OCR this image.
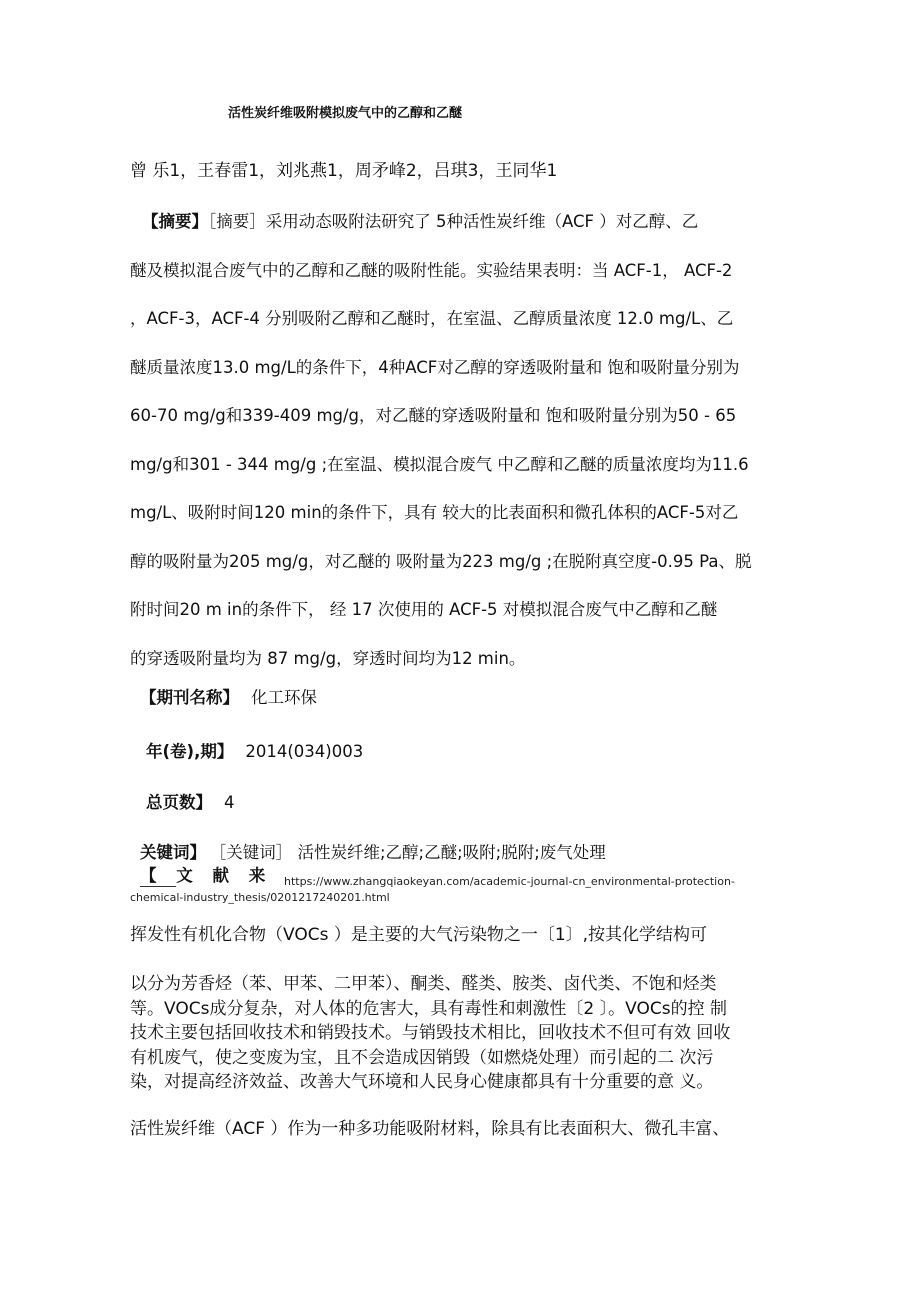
活性炭纤维吸附模拟废气中的乙醇和乙醚
曾 乐1，王春雷1，刘兆燕1，周矛峰2，吕琪3，王同华1
【摘要】［摘要］采用动态吸附法研究了 5种活性炭纤维（ACF ）对乙醇、乙
醚及模拟混合废气中的乙醇和乙醚的吸附性能。实验结果表明：当 ACF-1， ACF-2
，ACF-3，ACF-4 分别吸附乙醇和乙醚时，在室温、乙醇质量浓度 12.0 mg/L、乙
醚质量浓度13.0 mg/L的条件下，4种ACF对乙醇的穿透吸附量和 饱和吸附量分别为
60-70 mg/g和339-409 mg/g，对乙醚的穿透吸附量和 饱和吸附量分别为50 - 65
mg/g和301 - 344 mg/g ;在室温、模拟混合废气 中乙醇和乙醚的质量浓度均为11.6
mg/L、吸附时间120 min的条件下，具有 较大的比表面积和微孔体积的ACF-5对乙
醇的吸附量为205 mg/g，对乙醚的 吸附量为223 mg/g ;在脱附真空度-0.95 Pa、脱
附时间20 m in的条件下， 经 17 次使用的 ACF-5 对模拟混合废气中乙醇和乙醚
的穿透吸附量均为 87 mg/g，穿透时间均为12 min。
【期刊名称】 化工环保
年(卷),期】 2014(034)003
总页数】 4
关键词】 ［关键词］ 活性炭纤维;乙醇;乙醚;吸附;脱附;废气处理
【 文 献 来	https://www.zhangqiaokeyan.com/academic-journal-cn_environmental-protection-
chemical-industry_thesis/0201217240201.html
挥发性有机化合物（VOCs ）是主要的大气污染物之一〔1〕,按其化学结构可
以分为芳香烃（苯、甲苯、二甲苯）、酮类、醛类、胺类、卤代类、不饱和烃类
等。VOCs成分复杂，对人体的危害大，具有毒性和刺激性〔2 〕。VOCs的控 制
技术主要包括回收技术和销毁技术。与销毁技术相比，回收技术不但可有效 回收
有机废气，使之变废为宝，且不会造成因销毁（如燃烧处理）而引起的二 次污
染，对提高经济效益、改善大气环境和人民身心健康都具有十分重要的意 义。
活性炭纤维（ACF ）作为一种多功能吸附材料，除具有比表面积大、微孔丰富、
